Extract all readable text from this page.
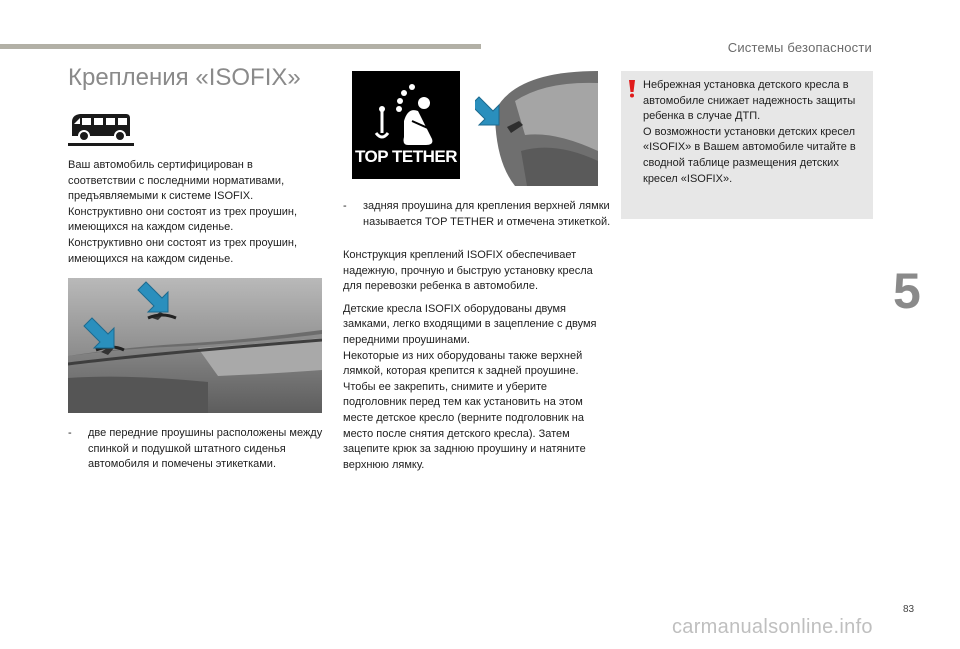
Системы безопасности
5
83
carmanualsonline.info
Крепления «ISOFIX»
Ваш автомобиль сертифицирован в соответствии с последними нормативами, предъявляемыми к системе ISOFIX.
Конструктивно они состоят из трех проушин, имеющихся на каждом сиденье.
Конструктивно они состоят из трех проушин, имеющихся на каждом сиденье.
- две передние проушины расположены между спинкой и подушкой штатного сиденья автомобиля и помечены этикетками.
TOP TETHER
- задняя проушина для крепления верхней лямки называется TOP TETHER и отмечена этикеткой.

Конструкция креплений ISOFIX обеспечивает надежную, прочную и быструю установку кресла для перевозки ребенка в автомобиле.

Детские кресла ISOFIX оборудованы двумя замками, легко входящими в зацепление с двумя передними проушинами.
Некоторые из них оборудованы также верхней лямкой, которая крепится к задней проушине.
Чтобы ее закрепить, снимите и уберите подголовник перед тем как установить на этом месте детское кресло (верните подголовник на место после снятия детского кресла). Затем зацепите крюк за заднюю проушину и натяните верхнюю лямку.
Небрежная установка детского кресла в автомобиле снижает надежность защиты ребенка в случае ДТП.
О возможности установки детских кресел «ISOFIX» в Вашем автомобиле читайте в сводной таблице размещения детских кресел «ISOFIX».
